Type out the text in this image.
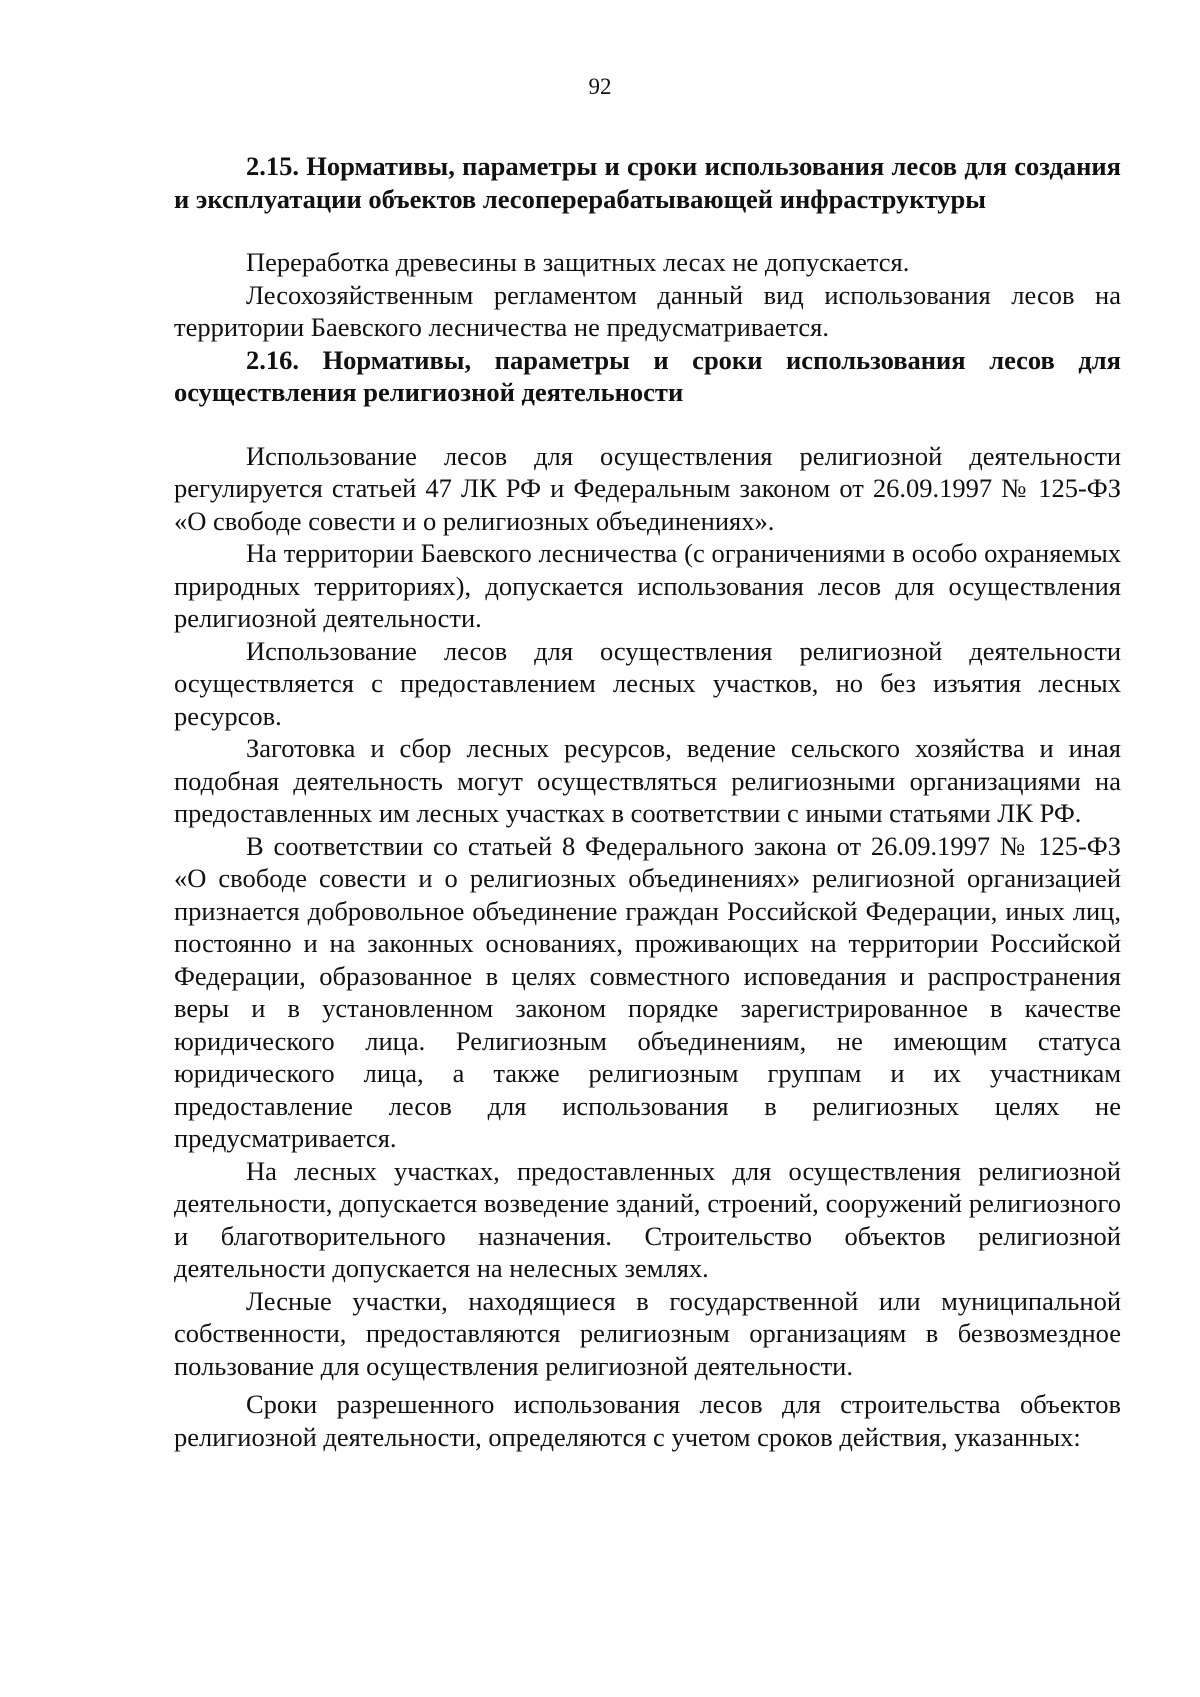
92
2.15. Нормативы, параметры и сроки использования лесов для создания и эксплуатации объектов лесоперерабатывающей инфраструктуры

Переработка древесины в защитных лесах не допускается.

Лесохозяйственным регламентом данный вид использования лесов на территории Баевского лесничества не предусматривается.

2.16. Нормативы, параметры и сроки использования лесов для осуществления религиозной деятельности

Использование лесов для осуществления религиозной деятельности регулируется статьей 47 ЛК РФ и Федеральным законом от 26.09.1997 № 125-ФЗ «О свободе совести и о религиозных объединениях».

На территории Баевского лесничества (с ограничениями в особо охраняемых природных территориях), допускается использования лесов для осуществления религиозной деятельности.

Использование лесов для осуществления религиозной деятельности осуществляется с предоставлением лесных участков, но без изъятия лесных ресурсов.

Заготовка и сбор лесных ресурсов, ведение сельского хозяйства и иная подобная деятельность могут осуществляться религиозными организациями на предоставленных им лесных участках в соответствии с иными статьями ЛК РФ.

В соответствии со статьей 8 Федерального закона от 26.09.1997 № 125-ФЗ «О свободе совести и о религиозных объединениях» религиозной организацией признается добровольное объединение граждан Российской Федерации, иных лиц, постоянно и на законных основаниях, проживающих на территории Российской Федерации, образованное в целях совместного исповедания и распространения веры и в установленном законом порядке зарегистрированное в качестве юридического лица. Религиозным объединениям, не имеющим статуса юридического лица, а также религиозным группам и их участникам предоставление лесов для использования в религиозных целях не предусматривается.

На лесных участках, предоставленных для осуществления религиозной деятельности, допускается возведение зданий, строений, сооружений религиозного и благотворительного назначения. Строительство объектов религиозной деятельности допускается на нелесных землях.

Лесные участки, находящиеся в государственной или муниципальной собственности, предоставляются религиозным организациям в безвозмездное пользование для осуществления религиозной деятельности.

Сроки разрешенного использования лесов для строительства объектов религиозной деятельности, определяются с учетом сроков действия, указанных:
